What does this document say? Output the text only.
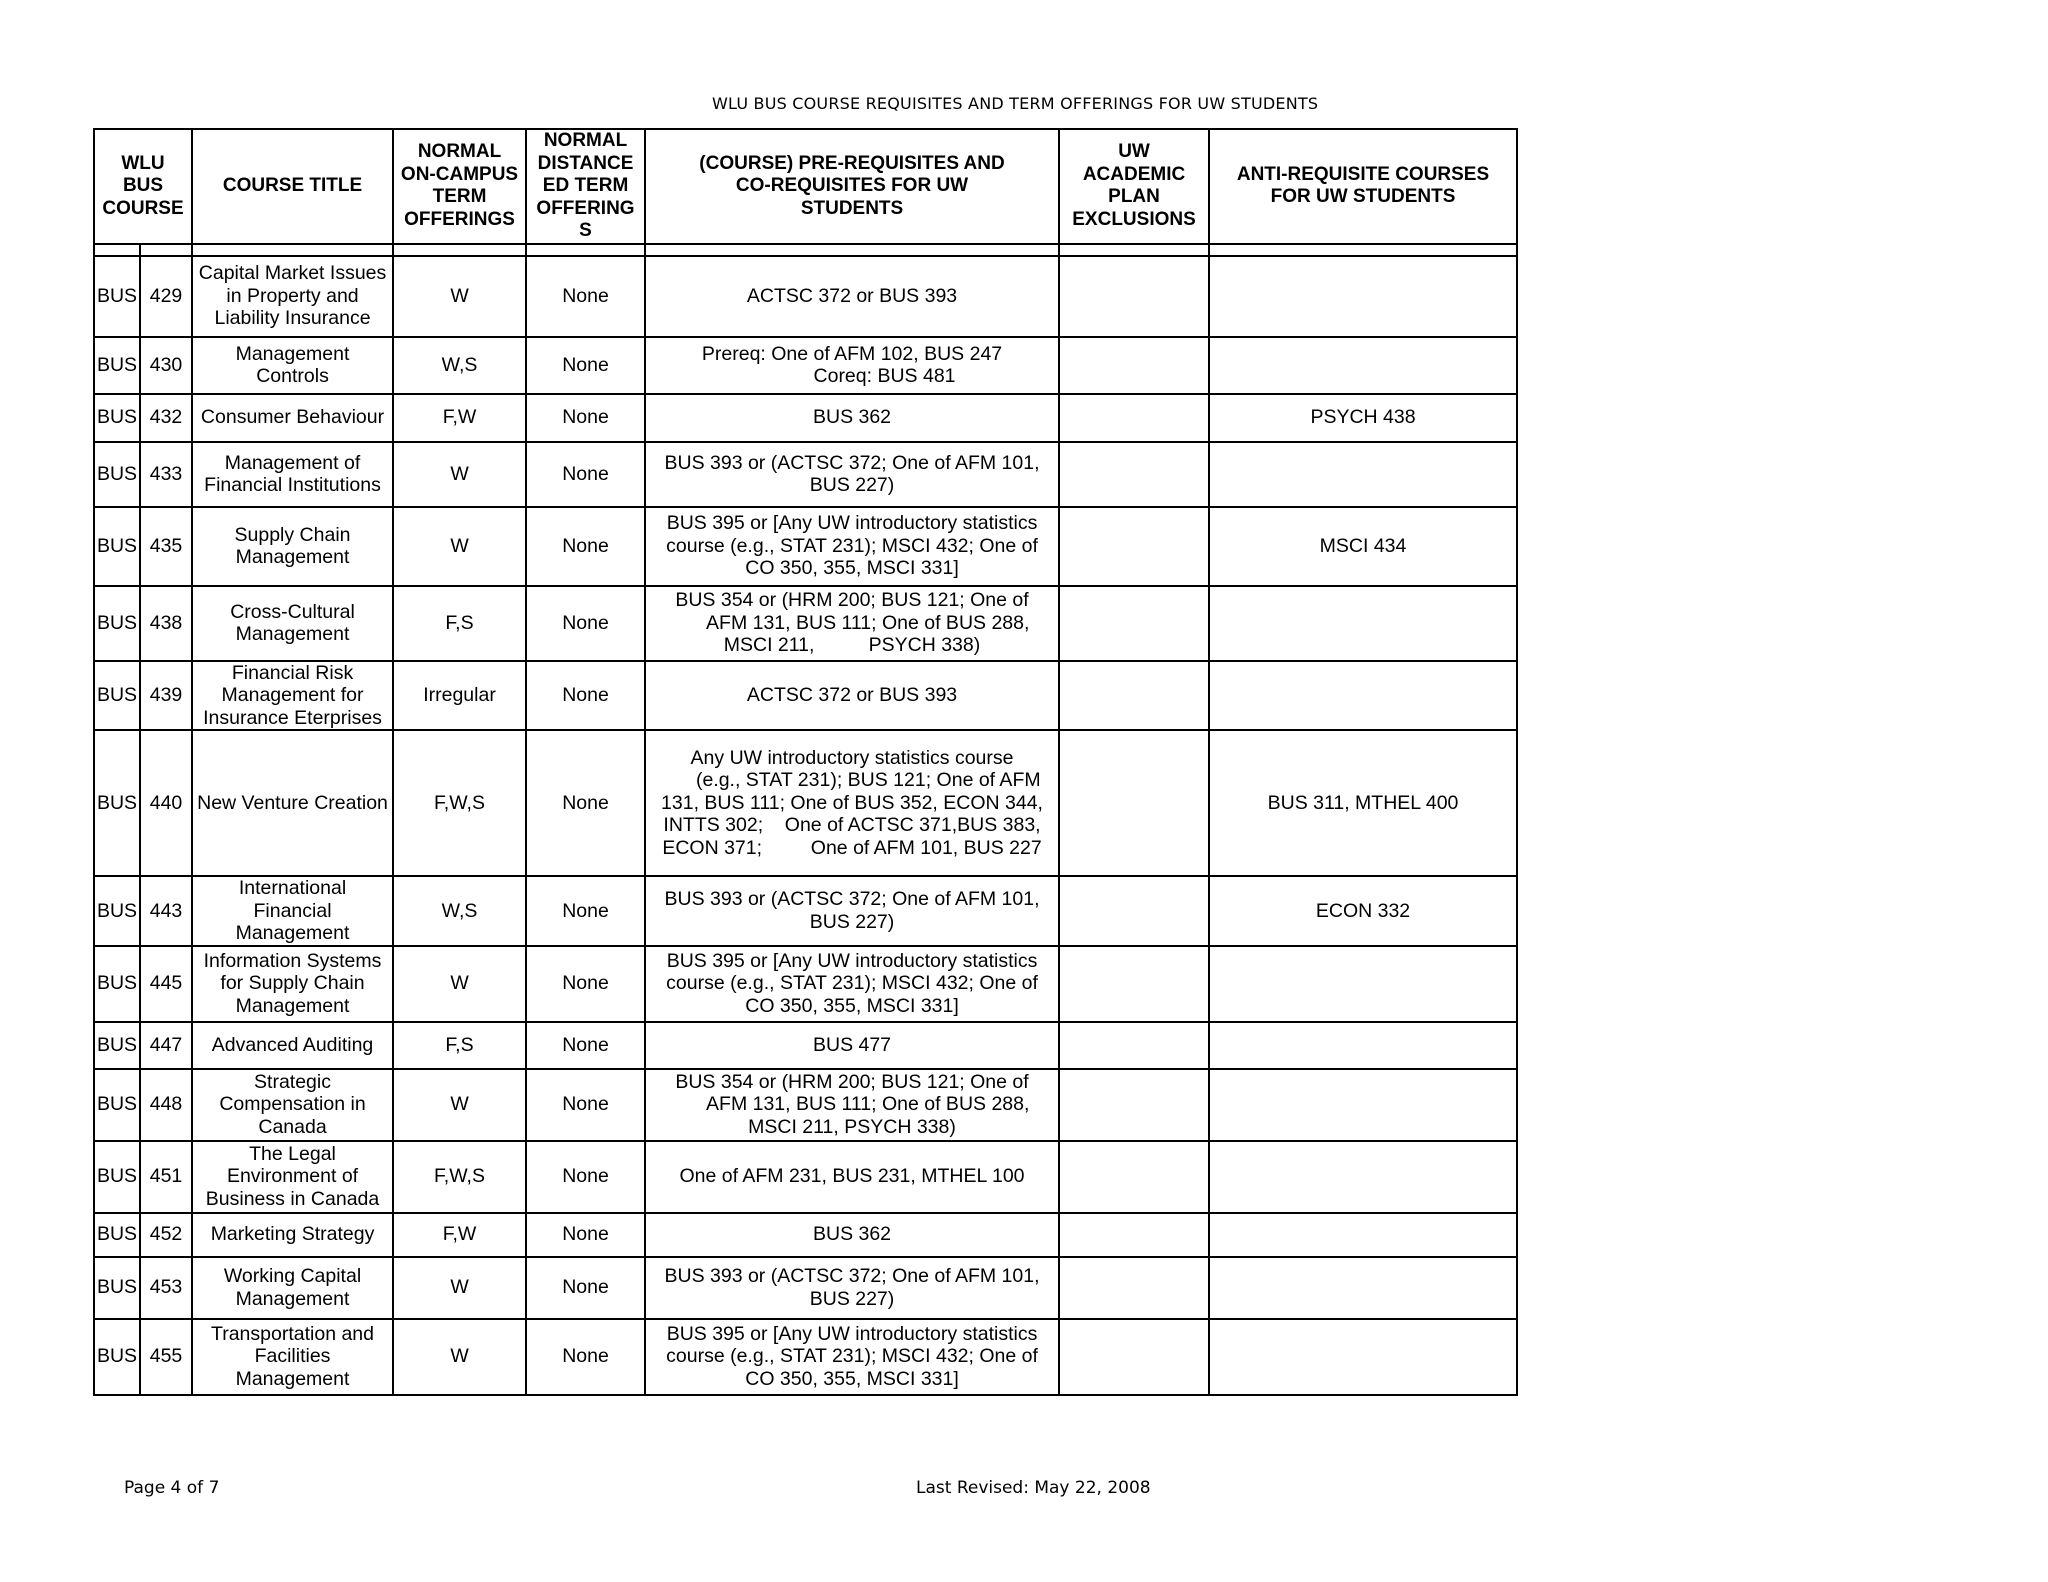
WLU BUS COURSE REQUISITES AND TERM OFFERINGS FOR UW STUDENTS
WLU
BUS
COURSE		COURSE TITLE	NORMAL
ON-CAMPUS
TERM
OFFERINGS	NORMAL
DISTANCE
ED TERM
OFFERING
S	(COURSE) PRE-REQUISITES AND
CO-REQUISITES FOR UW
STUDENTS	UW
ACADEMIC
PLAN
EXCLUSIONS	ANTI-REQUISITE COURSES
FOR UW STUDENTS

BUS	429	Capital Market Issues
in Property and
Liability Insurance	W	None	ACTSC 372 or BUS 393		

BUS	430	Management
Controls	W,S	None	Prereq: One of AFM 102, BUS 247
Coreq: BUS 481		

BUS	432	Consumer Behaviour	F,W	None	BUS 362		PSYCH 438
BUS	433	Management of
Financial Institutions	W	None	BUS 393 or (ACTSC 372; One of AFM 101,
BUS 227)		

BUS	435	Supply Chain
Management	W	None	BUS 395 or [Any UW introductory statistics
course (e.g., STAT 231); MSCI 432; One of
CO 350, 355, MSCI 331]		MSCI 434
BUS	438	Cross-Cultural
Management	F,S	None	BUS 354 or (HRM 200; BUS 121; One of
AFM 131, BUS 111; One of BUS 288,
MSCI 211,          PSYCH 338)		

BUS	439	Financial Risk
Management for
Insurance Eterprises	Irregular	None	ACTSC 372 or BUS 393		

BUS	440	New Venture Creation	F,W,S	None	Any UW introductory statistics course
(e.g., STAT 231); BUS 121; One of AFM
131, BUS 111; One of BUS 352, ECON 344,
INTTS 302;    One of ACTSC 371,BUS 383,
ECON 371;         One of AFM 101, BUS 227		BUS 311, MTHEL 400
BUS	443	International
Financial
Management	W,S	None	BUS 393 or (ACTSC 372; One of AFM 101,
BUS 227)		ECON 332
BUS	445	Information Systems
for Supply Chain
Management	W	None	BUS 395 or [Any UW introductory statistics
course (e.g., STAT 231); MSCI 432; One of
CO 350, 355, MSCI 331]		

BUS	447	Advanced Auditing	F,S	None	BUS 477		

BUS	448	Strategic
Compensation in
Canada	W	None	BUS 354 or (HRM 200; BUS 121; One of
AFM 131, BUS 111; One of BUS 288,
MSCI 211, PSYCH 338)		

BUS	451	The Legal
Environment of
Business in Canada	F,W,S	None	One of AFM 231, BUS 231, MTHEL 100		

BUS	452	Marketing Strategy	F,W	None	BUS 362		

BUS	453	Working Capital
Management	W	None	BUS 393 or (ACTSC 372; One of AFM 101,
BUS 227)		

BUS	455	Transportation and
Facilities
Management	W	None	BUS 395 or [Any UW introductory statistics
course (e.g., STAT 231); MSCI 432; One of
CO 350, 355, MSCI 331]		

Page 4 of 7	Last Revised: May 22, 2008
